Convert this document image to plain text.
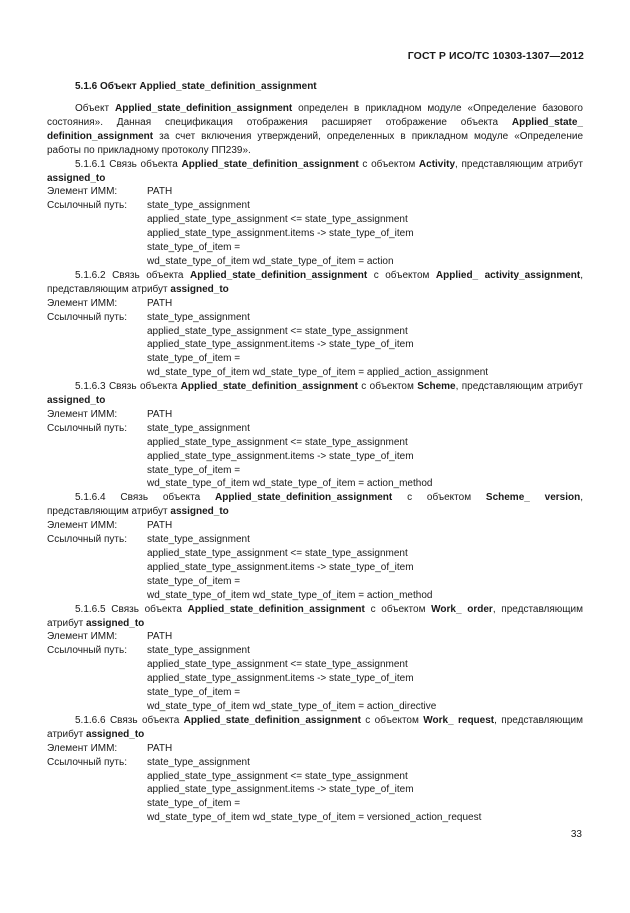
ГОСТ Р ИСО/ТС 10303-1307—2012
5.1.6 Объект Applied_state_definition_assignment
Объект Applied_state_definition_assignment определен в прикладном модуле «Определение базового состояния». Данная спецификация отображения расширяет отображение объекта Applied_state_ definition_assignment за счет включения утверждений, определенных в прикладном модуле «Определение работы по прикладному протоколу ПП239».
5.1.6.1 Связь объекта Applied_state_definition_assignment с объектом Activity, представляющим атрибут assigned_to
Элемент ИММ:	PATH
Ссылочный путь:	state_type_assignment
applied_state_type_assignment <= state_type_assignment
applied_state_type_assignment.items -> state_type_of_item
state_type_of_item =
wd_state_type_of_item wd_state_type_of_item = action
5.1.6.2 Связь объекта Applied_state_definition_assignment с объектом Applied_ activity_assignment, представляющим атрибут assigned_to
Элемент ИММ:	PATH
Ссылочный путь:	state_type_assignment
applied_state_type_assignment <= state_type_assignment
applied_state_type_assignment.items -> state_type_of_item
state_type_of_item =
wd_state_type_of_item wd_state_type_of_item = applied_action_assignment
5.1.6.3 Связь объекта Applied_state_definition_assignment с объектом Scheme, представляющим атрибут assigned_to
Элемент ИММ:	PATH
Ссылочный путь:	state_type_assignment
applied_state_type_assignment <= state_type_assignment
applied_state_type_assignment.items -> state_type_of_item
state_type_of_item =
wd_state_type_of_item wd_state_type_of_item = action_method
5.1.6.4 Связь объекта Applied_state_definition_assignment с объектом Scheme_ version, представляющим атрибут assigned_to
Элемент ИММ:	PATH
Ссылочный путь:	state_type_assignment
applied_state_type_assignment <= state_type_assignment
applied_state_type_assignment.items -> state_type_of_item
state_type_of_item =
wd_state_type_of_item wd_state_type_of_item = action_method
5.1.6.5 Связь объекта Applied_state_definition_assignment с объектом Work_ order, представляющим атрибут assigned_to
Элемент ИММ:	PATH
Ссылочный путь:	state_type_assignment
applied_state_type_assignment <= state_type_assignment
applied_state_type_assignment.items -> state_type_of_item
state_type_of_item =
wd_state_type_of_item wd_state_type_of_item = action_directive
5.1.6.6 Связь объекта Applied_state_definition_assignment с объектом Work_ request, представляющим атрибут assigned_to
Элемент ИММ:	PATH
Ссылочный путь:	state_type_assignment
applied_state_type_assignment <= state_type_assignment
applied_state_type_assignment.items -> state_type_of_item
state_type_of_item =
wd_state_type_of_item wd_state_type_of_item = versioned_action_request
33
